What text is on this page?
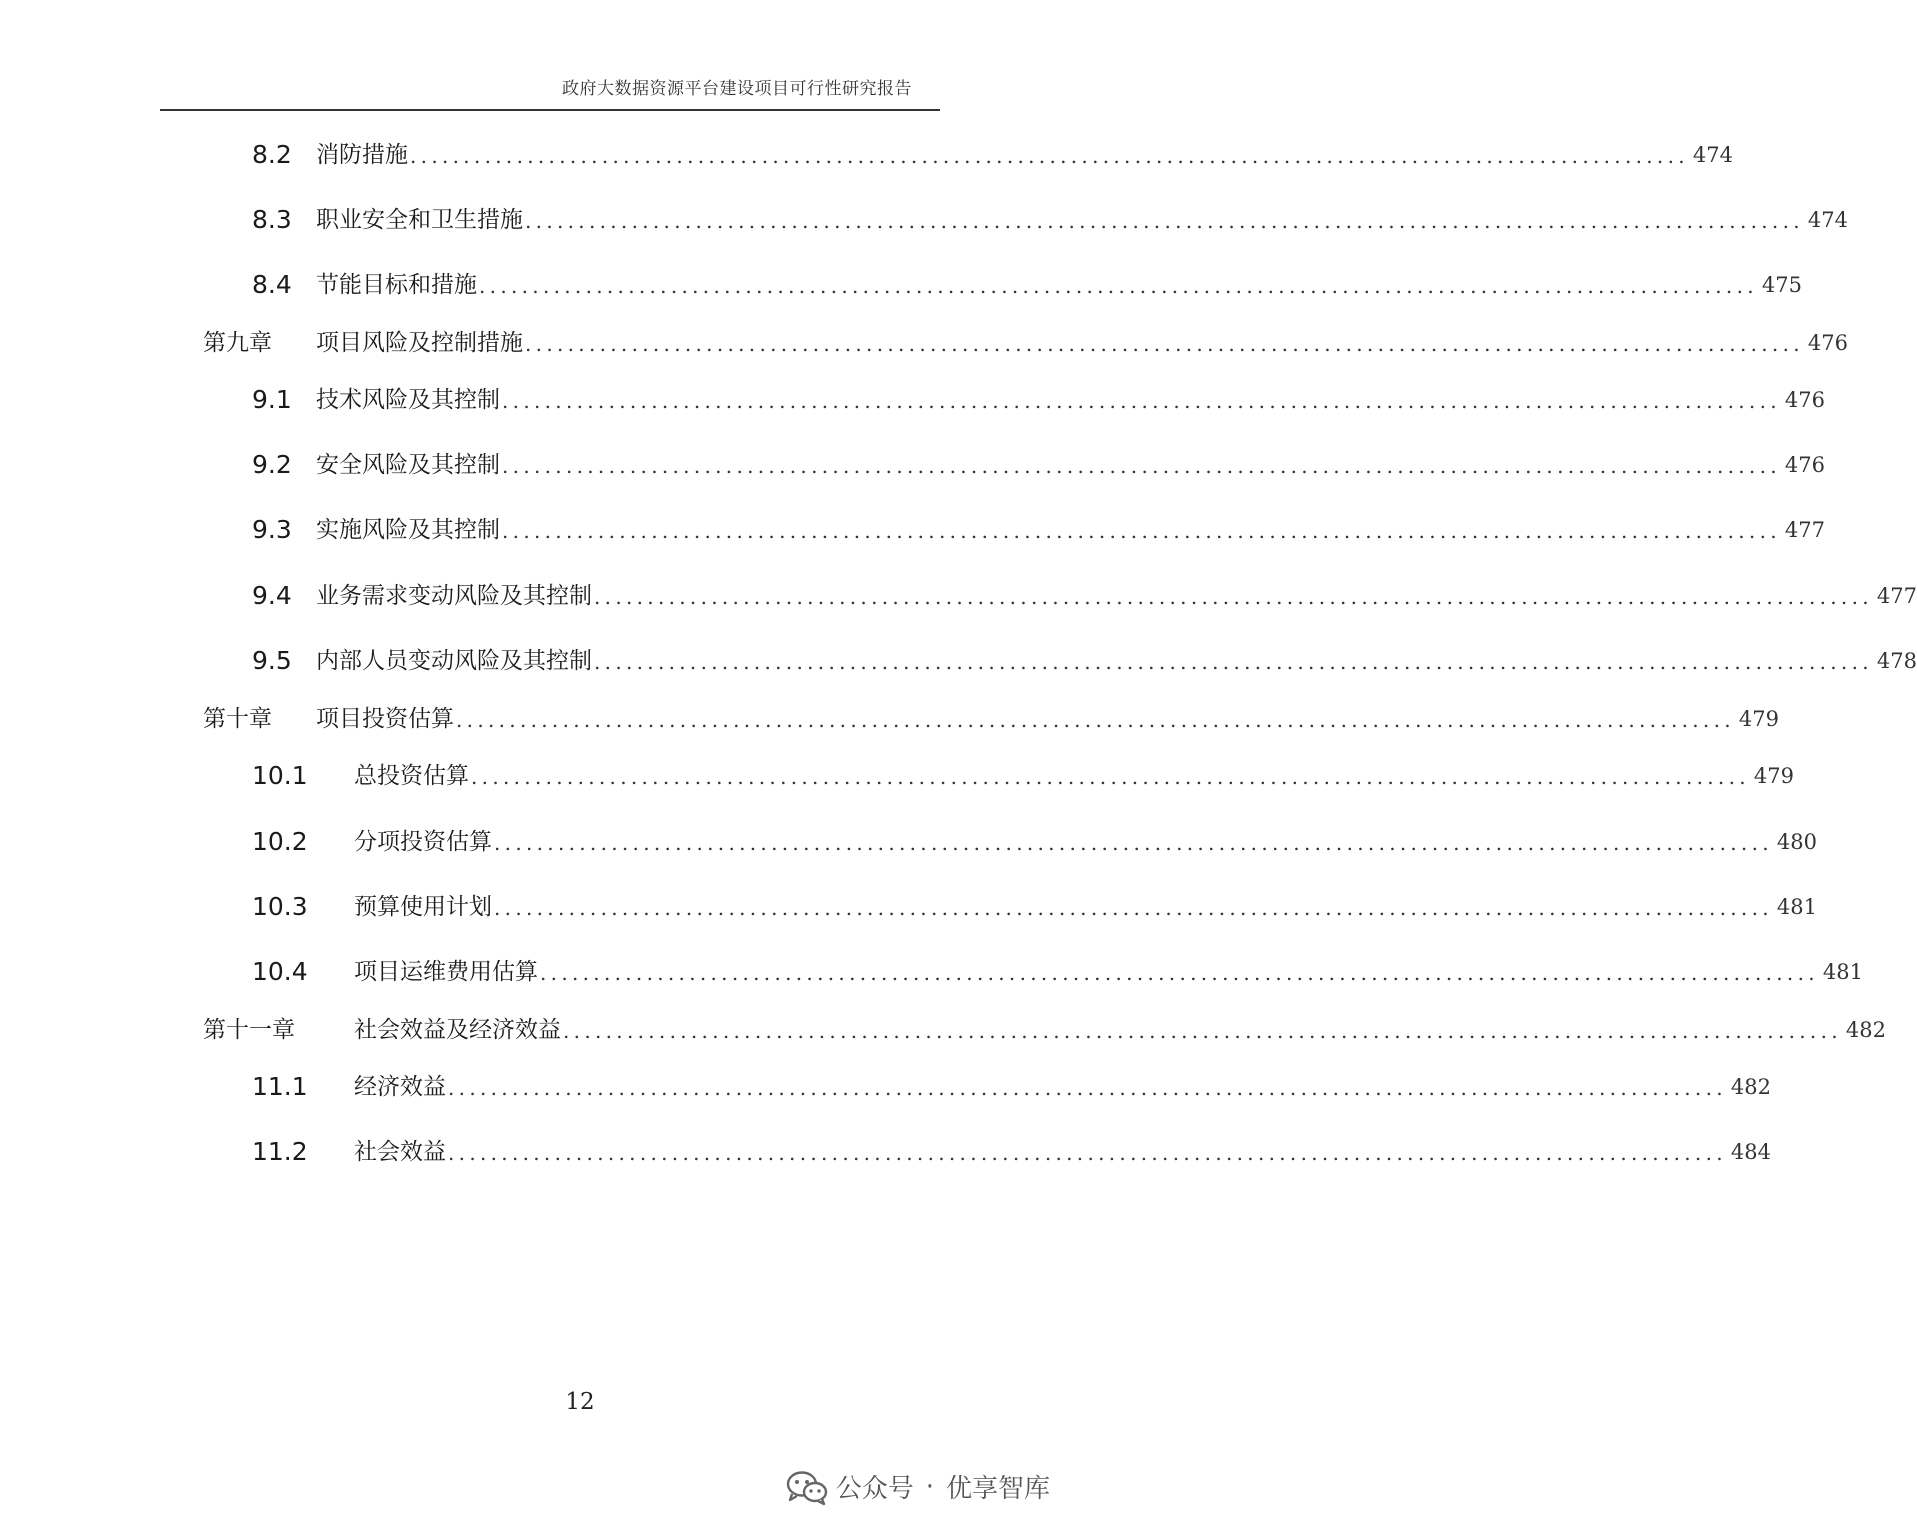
政府大数据资源平台建设项目可行性研究报告
8.2 消防措施 ........................................................................................................................ 474
8.3 职业安全和卫生措施 ........................................................................................................................ 474
8.4 节能目标和措施 ........................................................................................................................ 475
第九章 项目风险及控制措施 ........................................................................................................................ 476
9.1 技术风险及其控制 ........................................................................................................................ 476
9.2 安全风险及其控制 ........................................................................................................................ 476
9.3 实施风险及其控制 ........................................................................................................................ 477
9.4 业务需求变动风险及其控制 ........................................................................................................................ 477
9.5 内部人员变动风险及其控制 ........................................................................................................................ 478
第十章 项目投资估算 ........................................................................................................................ 479
10.1 总投资估算 ........................................................................................................................ 479
10.2 分项投资估算 ........................................................................................................................ 480
10.3 预算使用计划 ........................................................................................................................ 481
10.4 项目运维费用估算 ........................................................................................................................ 481
第十一章	社会效益及经济效益 ........................................................................................................................ 482
11.1 经济效益 ........................................................................................................................ 482
11.2 社会效益 ........................................................................................................................ 484
12
公众号 · 优享智库
